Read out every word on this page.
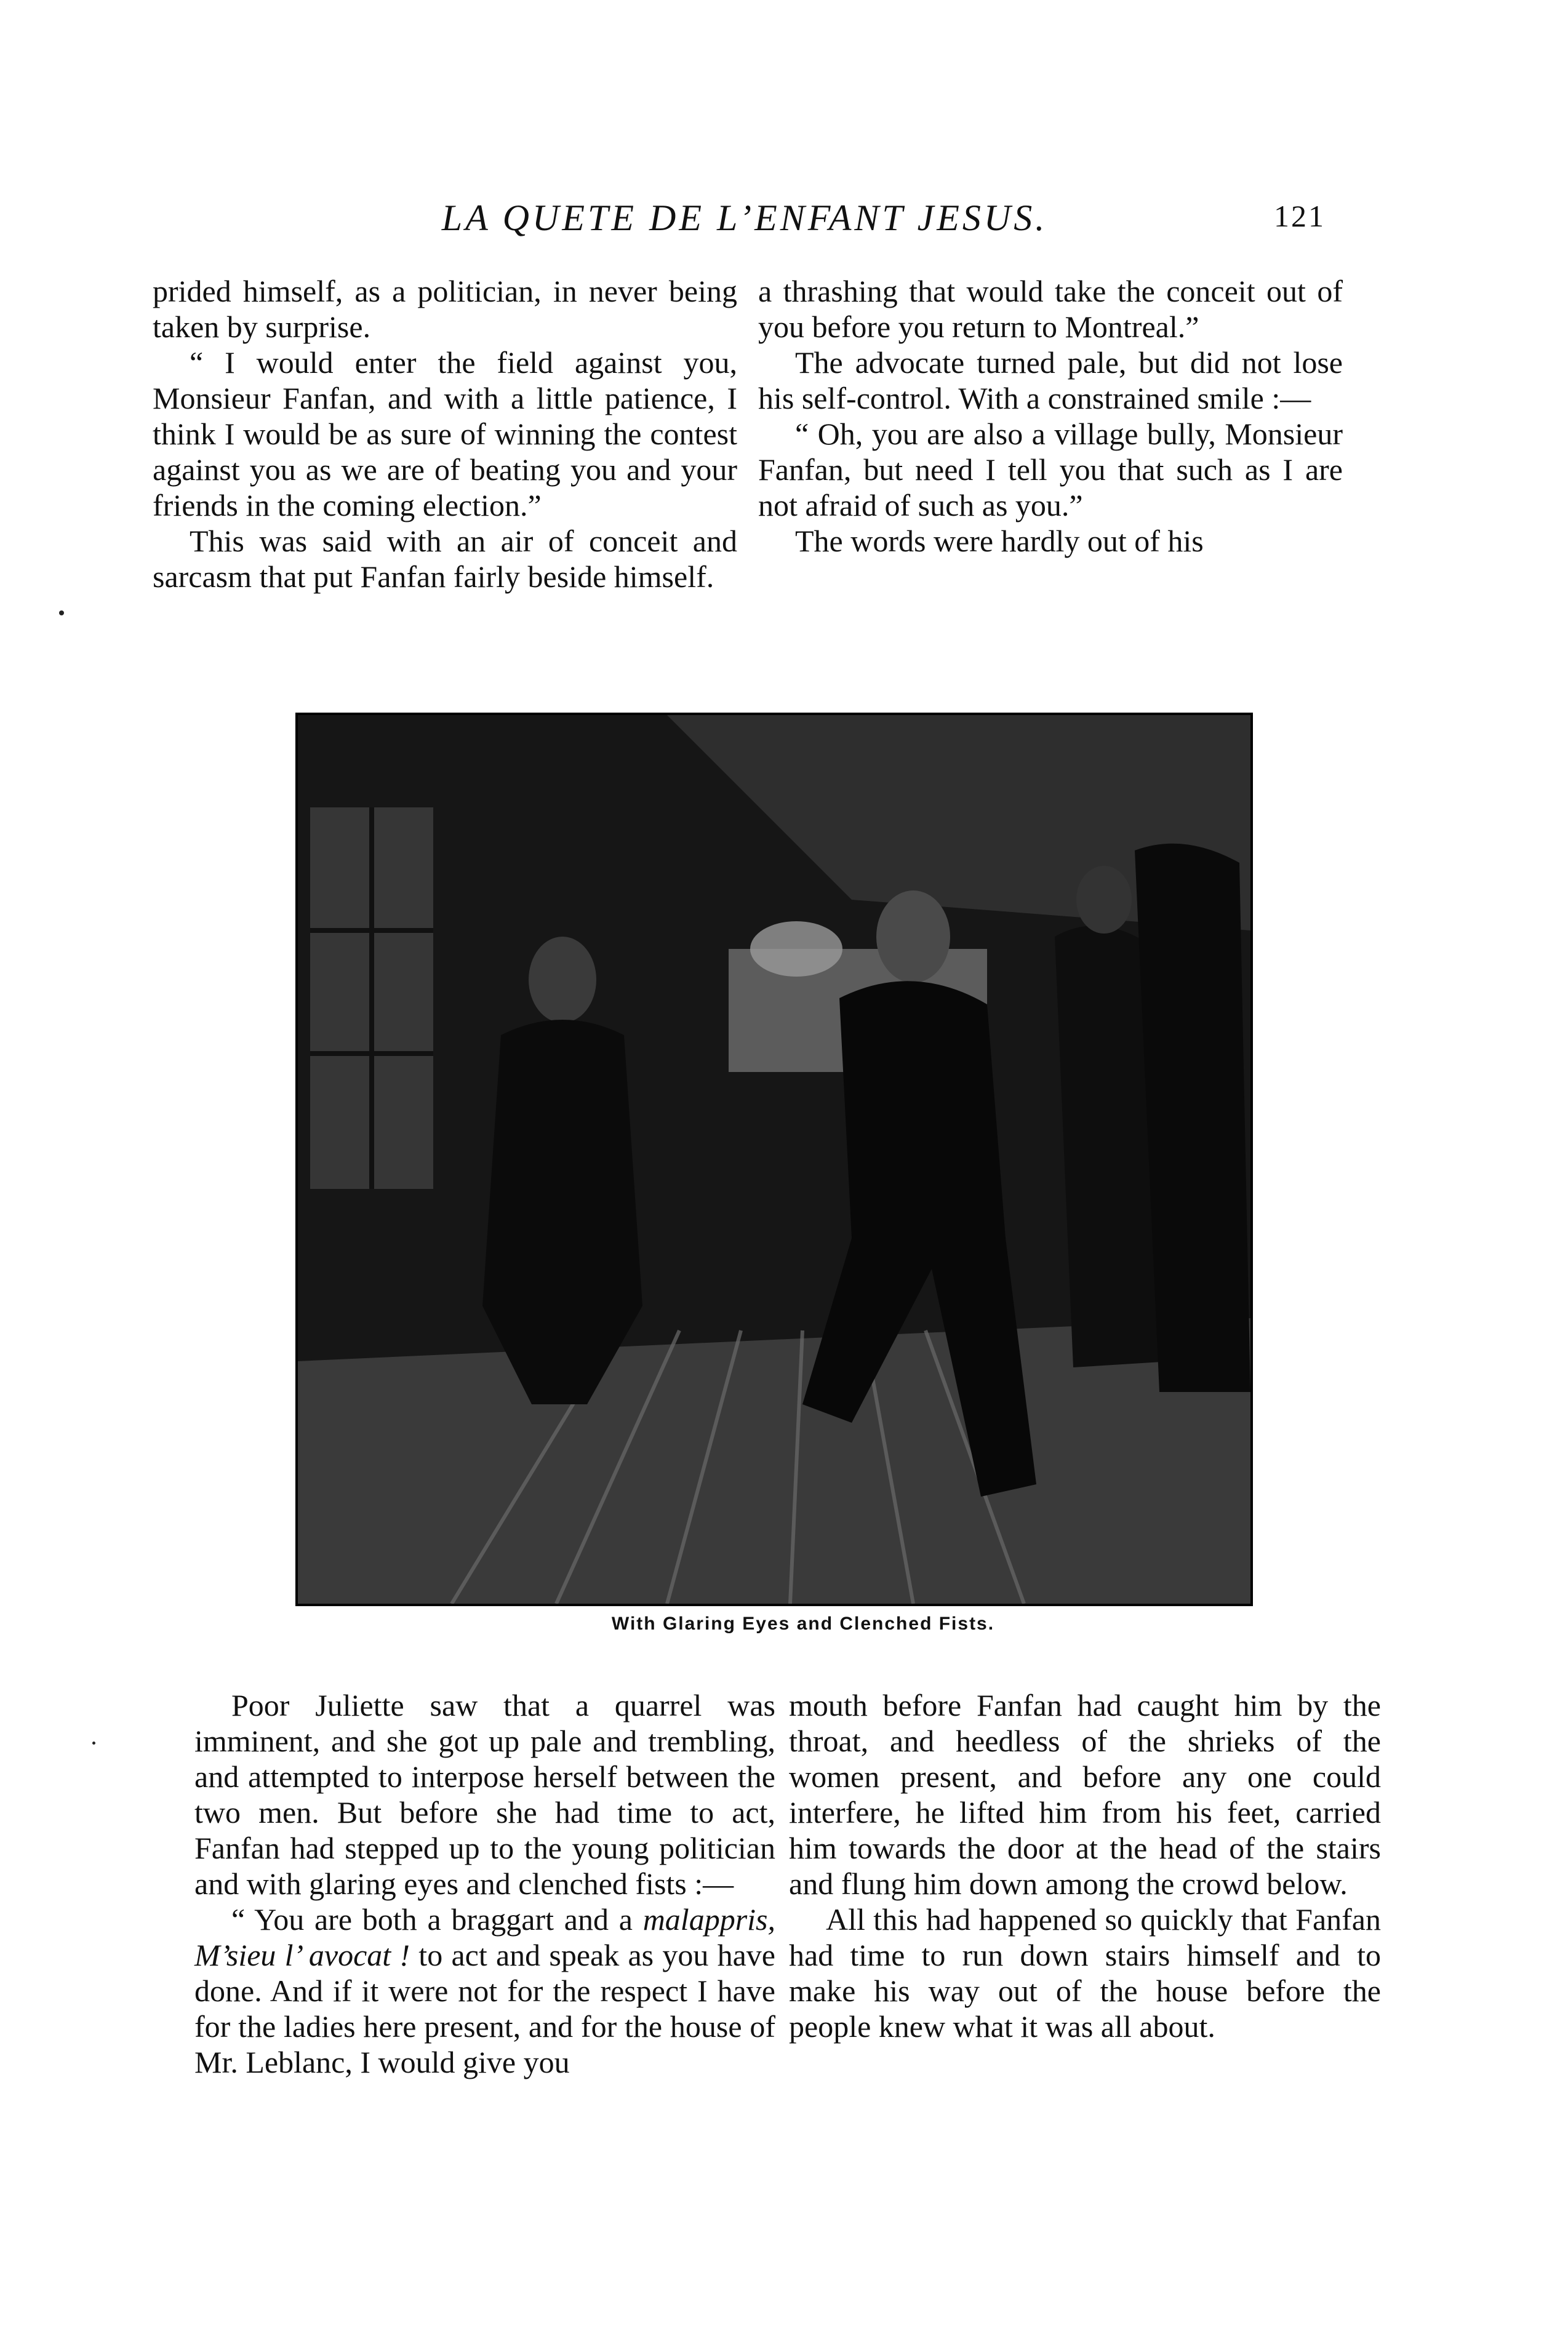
LA QUETE DE L’ENFANT JESUS.	121

prided himself, as a politician, in never being taken by surprise.

“ I would enter the field against you, Monsieur Fanfan, and with a little patience, I think I would be as sure of winning the contest against you as we are of beating you and your friends in the coming election.”

This was said with an air of conceit and sarcasm that put Fanfan fairly beside himself.

a thrashing that would take the conceit out of you before you return to Montreal.”

The advocate turned pale, but did not lose his self-control. With a constrained smile :—

“ Oh, you are also a village bully, Monsieur Fanfan, but need I tell you that such as I are not afraid of such as you.”

The words were hardly out of his

With Glaring Eyes and Clenched Fists.

Poor Juliette saw that a quarrel was imminent, and she got up pale and trembling, and attempted to interpose herself between the two men. But before she had time to act, Fanfan had stepped up to the young politician and with glaring eyes and clenched fists :—

“ You are both a braggart and a malappris, M’sieu l’ avocat ! to act and speak as you have done. And if it were not for the respect I have for the ladies here present, and for the house of Mr. Leblanc, I would give you

mouth before Fanfan had caught him by the throat, and heedless of the shrieks of the women present, and before any one could interfere, he lifted him from his feet, carried him towards the door at the head of the stairs and flung him down among the crowd below.

All this had happened so quickly that Fanfan had time to run down stairs himself and to make his way out of the house before the people knew what it was all about.
